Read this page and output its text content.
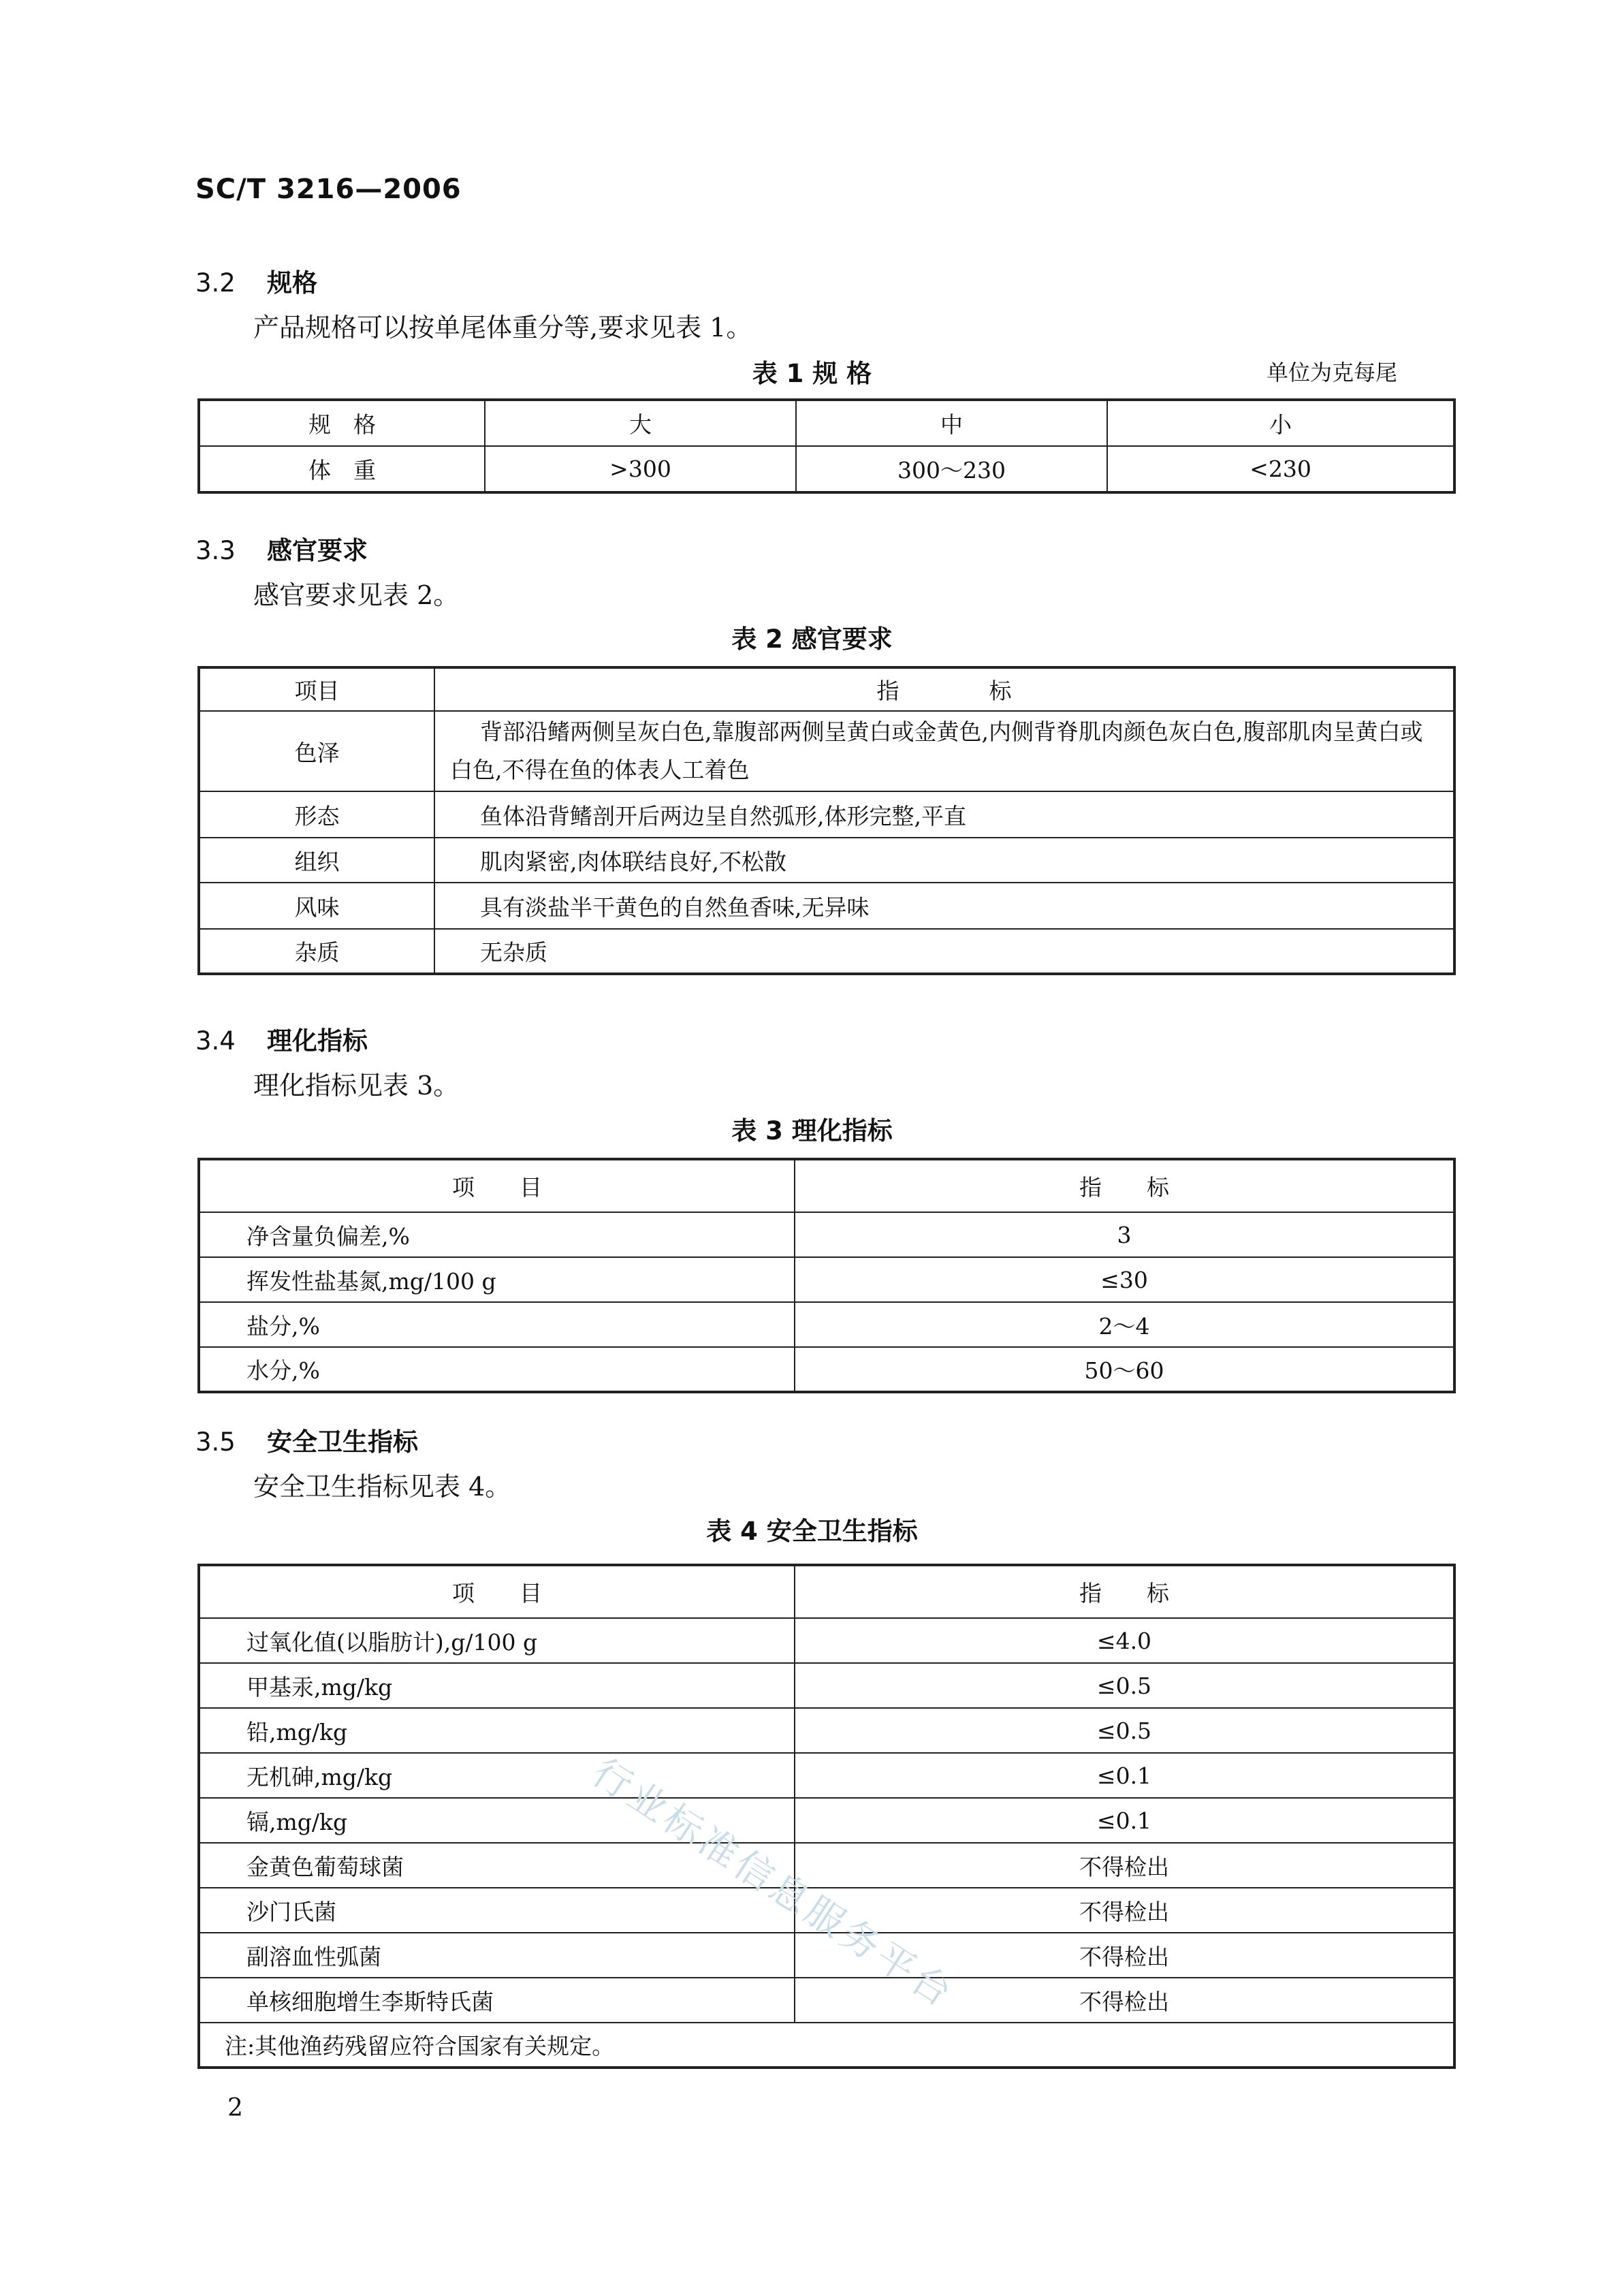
SC/T 3216—2006
3.2 规格
产品规格可以按单尾体重分等,要求见表 1。
表 1 规 格	单位为克每尾
规　格	大	中	小
体　重	>300	300～230	<230
3.3 感官要求
感官要求见表 2。
表 2 感官要求
项目	指　　　　标
色泽	背部沿鳍两侧呈灰白色,靠腹部两侧呈黄白或金黄色,内侧背脊肌肉颜色灰白色,腹部肌肉呈黄白或白色,不得在鱼的体表人工着色
形态	鱼体沿背鳍剖开后两边呈自然弧形,体形完整,平直
组织	肌肉紧密,肉体联结良好,不松散
风味	具有淡盐半干黄色的自然鱼香味,无异味
杂质	无杂质
3.4 理化指标
理化指标见表 3。
表 3 理化指标
项　　目	指　　标
净含量负偏差,%	3
挥发性盐基氮,mg/100 g	≤30
盐分,%	2～4
水分,%	50～60
3.5 安全卫生指标
安全卫生指标见表 4。
表 4 安全卫生指标
项　　目	指　　标
过氧化值(以脂肪计),g/100 g	≤4.0
甲基汞,mg/kg	≤0.5
铅,mg/kg	≤0.5
无机砷,mg/kg	≤0.1
镉,mg/kg	≤0.1
金黄色葡萄球菌	不得检出
沙门氏菌	不得检出
副溶血性弧菌	不得检出
单核细胞增生李斯特氏菌	不得检出
注:其他渔药残留应符合国家有关规定。	
行业标准信息服务平台
2
